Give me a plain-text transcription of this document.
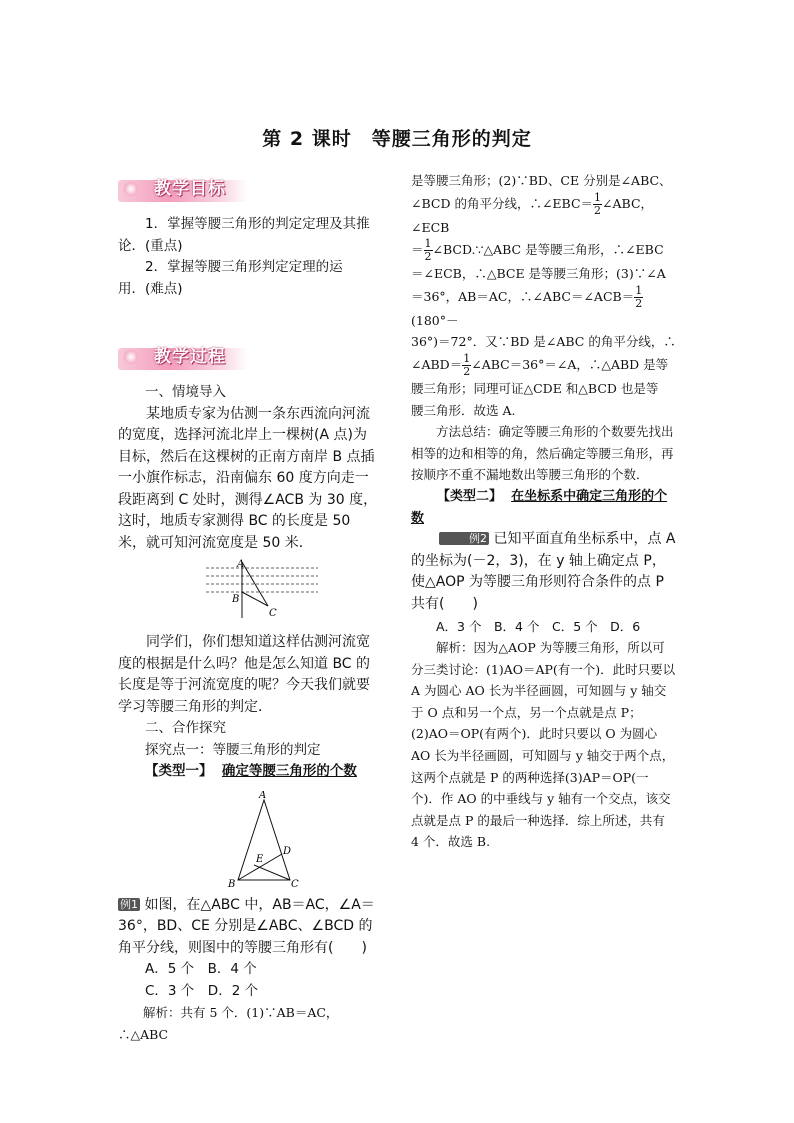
第 2 课时 等腰三角形的判定
教学目标

1．掌握等腰三角形的判定定理及其推

论．(重点)

2．掌握等腰三角形判定定理的运

用．(难点)

教学过程

一、情境导入

某地质专家为估测一条东西流向河流的宽度，选择河流北岸上一棵树(A 点)为目标，然后在这棵树的正南方南岸 B 点插一小旗作标志，沿南偏东 60 度方向走一段距离到 C 处时，测得∠ACB 为 30 度，这时，地质专家测得 BC 的长度是 50 米，就可知河流宽度是 50 米．

A
B
C

同学们，你们想知道这样估测河流宽度的根据是什么吗？他是怎么知道 BC 的长度是等于河流宽度的呢？今天我们就要学习等腰三角形的判定．

二、合作探究

探究点一：等腰三角形的判定

【类型一】 确定等腰三角形的个数

A
B	C
D
E

例1 如图，在△ABC 中，AB＝AC，∠A＝36°，BD、CE 分别是∠ABC、∠BCD 的角平分线，则图中的等腰三角形有(　　)

A．5 个　B．4 个

C．3 个　D．2 个

解析：共有 5 个．(1)∵AB＝AC，∴△ABC

是等腰三角形；(2)∵BD、CE 分别是∠ABC、

∠BCD 的角平分线，∴∠EBC＝ $\frac{1}{2}$ ∠ABC，∠ECB

＝ $\frac{1}{2}$ ∠BCD.∵△ABC 是等腰三角形，∴∠EBC

＝∠ECB，∴△BCE 是等腰三角形；(3)∵∠A

＝36°，AB＝AC，∴∠ABC＝∠ACB＝ $\frac{1}{2}$
(180°－

36°)＝72°．又∵BD 是∠ABC 的角平分线，∴

∠ABD＝ $\frac{1}{2}$ ∠ABC＝36°＝∠A，∴△ABD 是等

腰三角形；同理可证△CDE 和△BCD 也是等

腰三角形．故选 A.

方法总结：确定等腰三角形的个数要先找出相等的边和相等的角，然后确定等腰三角形，再按顺序不重不漏地数出等腰三角形的个数．

【类型二】 在坐标系中确定三角形的个数

例2 已知平面直角坐标系中，点 A 的坐标为(－2，3)，在 y 轴上确定点 P，使△AOP 为等腰三角形则符合条件的点 P 共有(　　)

A．3 个　B．4 个　C．5 个　D．6

解析：因为△AOP 为等腰三角形，所以可分三类讨论：(1)AO＝AP(有一个)．此时只要以 A 为圆心 AO 长为半径画圆，可知圆与 y 轴交于 O 点和另一个点，另一个点就是点 P；(2)AO＝OP(有两个)．此时只要以 O 为圆心 AO 长为半径画圆，可知圆与 y 轴交于两个点，这两个点就是 P 的两种选择(3)AP＝OP(一个)．作 AO 的中垂线与 y 轴有一个交点，该交点就是点 P 的最后一种选择．综上所述，共有 4 个．故选 B.
